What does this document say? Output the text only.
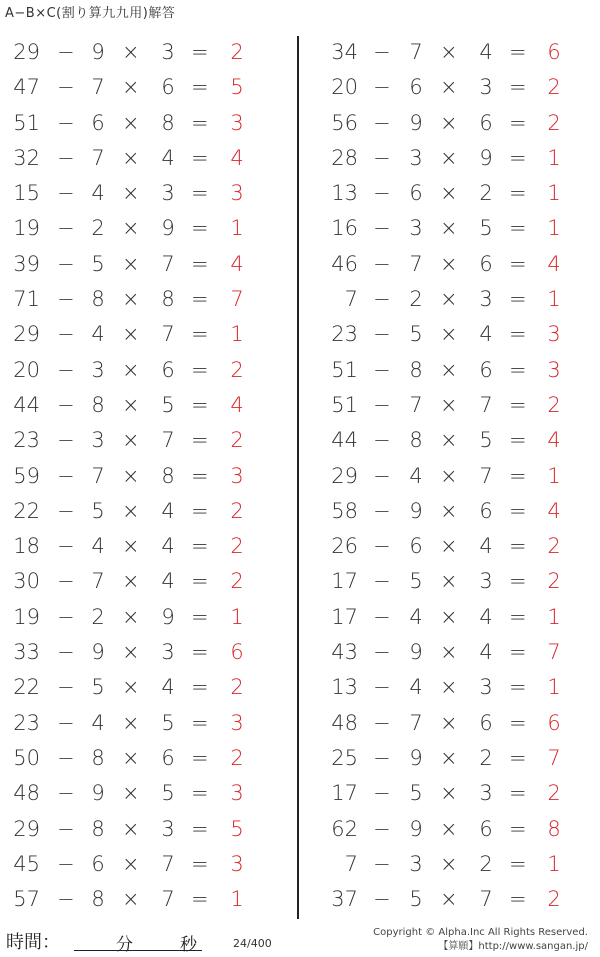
A−B×C(割り算九九用)解答
29 − 9 × 3 = 2
47 − 7 × 6 = 5
51 − 6 × 8 = 3
32 − 7 × 4 = 4
15 − 4 × 3 = 3
19 − 2 × 9 = 1
39 − 5 × 7 = 4
71 − 8 × 8 = 7
29 − 4 × 7 = 1
20 − 3 × 6 = 2
44 − 8 × 5 = 4
23 − 3 × 7 = 2
59 − 7 × 8 = 3
22 − 5 × 4 = 2
18 − 4 × 4 = 2
30 − 7 × 4 = 2
19 − 2 × 9 = 1
33 − 9 × 3 = 6
22 − 5 × 4 = 2
23 − 4 × 5 = 3
50 − 8 × 6 = 2
48 − 9 × 5 = 3
29 − 8 × 3 = 5
45 − 6 × 7 = 3
57 − 8 × 7 = 1
34 − 7 × 4 = 6
20 − 6 × 3 = 2
56 − 9 × 6 = 2
28 − 3 × 9 = 1
13 − 6 × 2 = 1
16 − 3 × 5 = 1
46 − 7 × 6 = 4
7 − 2 × 3 = 1
23 − 5 × 4 = 3
51 − 8 × 6 = 3
51 − 7 × 7 = 2
44 − 8 × 5 = 4
29 − 4 × 7 = 1
58 − 9 × 6 = 4
26 − 6 × 4 = 2
17 − 5 × 3 = 2
17 − 4 × 4 = 1
43 − 9 × 4 = 7
13 − 4 × 3 = 1
48 − 7 × 6 = 6
25 − 9 × 2 = 7
17 − 5 × 3 = 2
62 − 9 × 6 = 8
7 − 3 × 2 = 1
37 − 5 × 7 = 2
時間：	分	秒	24/400
Copyright © Alpha.Inc All Rights Reserved.
【算願】http://www.sangan.jp/
